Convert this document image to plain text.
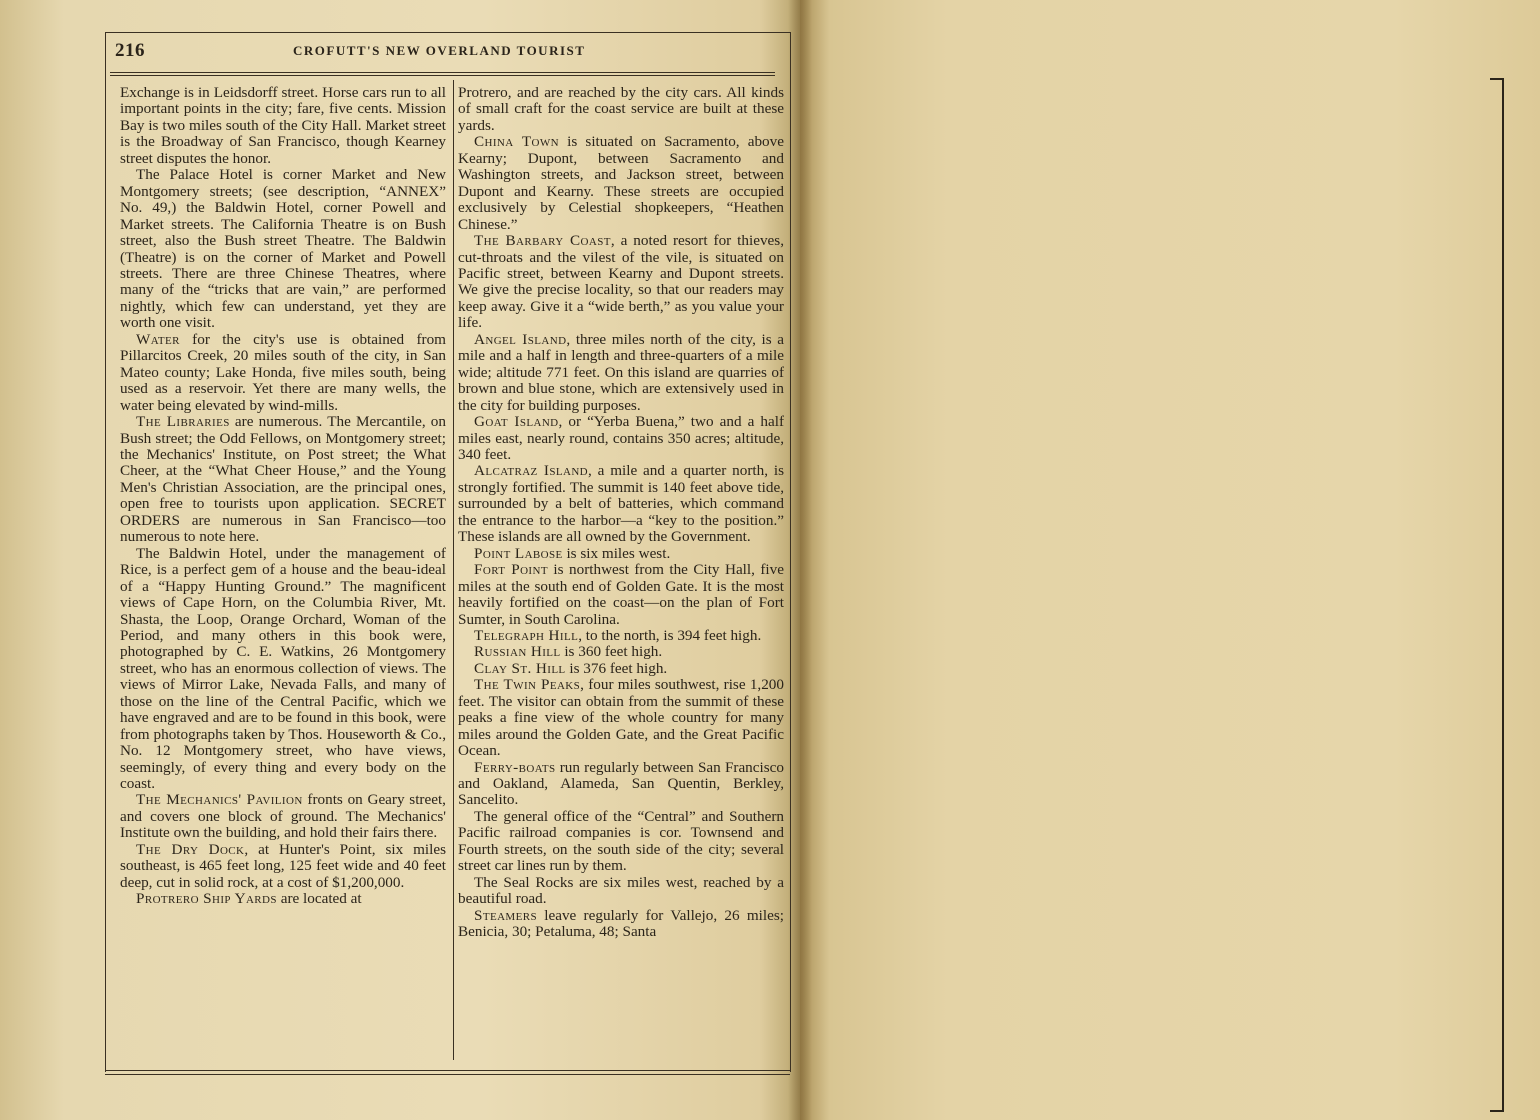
216	CROFUTT'S NEW OVERLAND TOURIST

Exchange is in Leidsdorff street. Horse cars run to all important points in the city; fare, five cents. Mission Bay is two miles south of the City Hall. Market street is the Broadway of San Francisco, though Kearney street disputes the honor.

The Palace Hotel is corner Market and New Montgomery streets; (see description, “ANNEX” No. 49,) the Baldwin Hotel, corner Powell and Market streets. The California Theatre is on Bush street, also the Bush street Theatre. The Baldwin (Theatre) is on the corner of Market and Powell streets. There are three Chinese Theatres, where many of the “tricks that are vain,” are performed nightly, which few can understand, yet they are worth one visit.

Water for the city's use is obtained from Pillarcitos Creek, 20 miles south of the city, in San Mateo county; Lake Honda, five miles south, being used as a reservoir. Yet there are many wells, the water being elevated by wind-mills.

The Libraries are numerous. The Mercantile, on Bush street; the Odd Fellows, on Montgomery street; the Mechanics' Institute, on Post street; the What Cheer, at the “What Cheer House,” and the Young Men's Christian Association, are the principal ones, open free to tourists upon application. SECRET ORDERS are numerous in San Francisco—too numerous to note here.

The Baldwin Hotel, under the management of Rice, is a perfect gem of a house and the beau-ideal of a “Happy Hunting Ground.” The magnificent views of Cape Horn, on the Columbia River, Mt. Shasta, the Loop, Orange Orchard, Woman of the Period, and many others in this book were, photographed by C. E. Watkins, 26 Montgomery street, who has an enormous collection of views. The views of Mirror Lake, Nevada Falls, and many of those on the line of the Central Pacific, which we have engraved and are to be found in this book, were from photographs taken by Thos. Houseworth & Co., No. 12 Montgomery street, who have views, seemingly, of every thing and every body on the coast.

The Mechanics' Pavilion fronts on Geary street, and covers one block of ground. The Mechanics' Institute own the building, and hold their fairs there.

The Dry Dock, at Hunter's Point, six miles southeast, is 465 feet long, 125 feet wide and 40 feet deep, cut in solid rock, at a cost of $1,200,000.

Protrero Ship Yards are located at

Protrero, and are reached by the city cars. All kinds of small craft for the coast service are built at these yards.

China Town is situated on Sacramento, above Kearny; Dupont, between Sacramento and Washington streets, and Jackson street, between Dupont and Kearny. These streets are occupied exclusively by Celestial shopkeepers, “Heathen Chinese.”

The Barbary Coast, a noted resort for thieves, cut-throats and the vilest of the vile, is situated on Pacific street, between Kearny and Dupont streets. We give the precise locality, so that our readers may keep away. Give it a “wide berth,” as you value your life.

Angel Island, three miles north of the city, is a mile and a half in length and three-quarters of a mile wide; altitude 771 feet. On this island are quarries of brown and blue stone, which are extensively used in the city for building purposes.

Goat Island, or “Yerba Buena,” two and a half miles east, nearly round, contains 350 acres; altitude, 340 feet.

Alcatraz Island, a mile and a quarter north, is strongly fortified. The summit is 140 feet above tide, surrounded by a belt of batteries, which command the entrance to the harbor—a “key to the position.” These islands are all owned by the Government.

Point Labose is six miles west.

Fort Point is northwest from the City Hall, five miles at the south end of Golden Gate. It is the most heavily fortified on the coast—on the plan of Fort Sumter, in South Carolina.

Telegraph Hill, to the north, is 394 feet high.

Russian Hill is 360 feet high.

Clay St. Hill is 376 feet high.

The Twin Peaks, four miles southwest, rise 1,200 feet. The visitor can obtain from the summit of these peaks a fine view of the whole country for many miles around the Golden Gate, and the Great Pacific Ocean.

Ferry-boats run regularly between San Francisco and Oakland, Alameda, San Quentin, Berkley, Sancelito.

The general office of the “Central” and Southern Pacific railroad companies is cor. Townsend and Fourth streets, on the south side of the city; several street car lines run by them.

The Seal Rocks are six miles west, reached by a beautiful road.

Steamers leave regularly for Vallejo, 26 miles; Benicia, 30; Petaluma, 48; Santa
